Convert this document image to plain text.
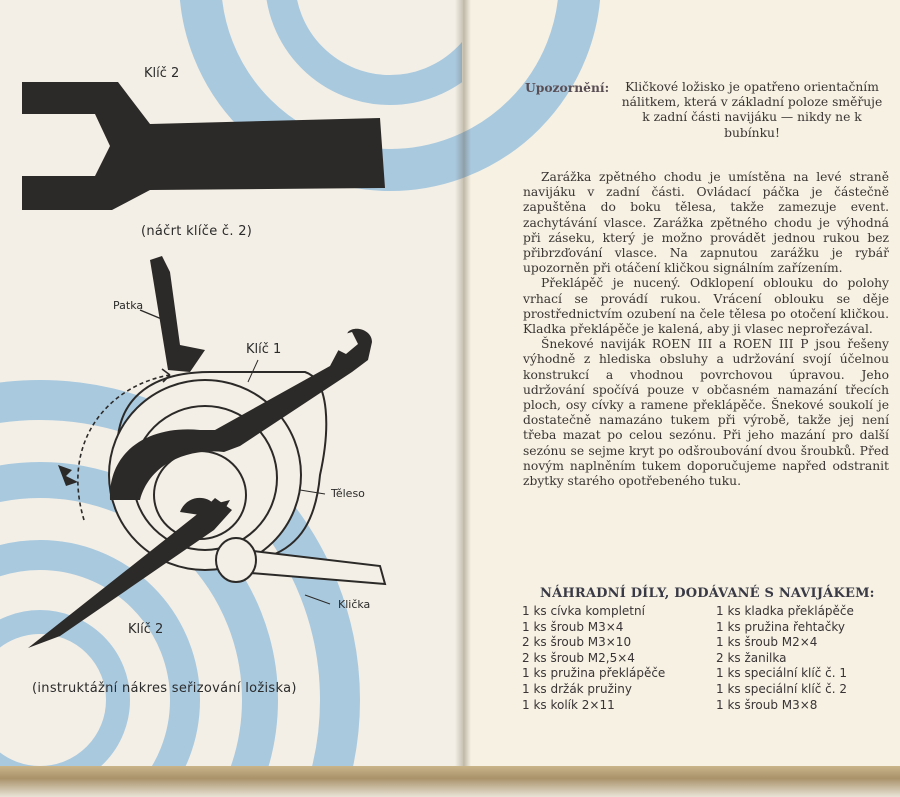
Klíč 2
(náčrt klíče č. 2)
Patka
Klíč 1
Těleso
Klička
Klíč 2
(instruktážní nákres seřizování ložiska)
Upozornění:	Kličkové ložisko je opatřeno orientačním nálitkem, která v základní poloze směřuje k zadní části navijáku — nikdy ne k bubínku!

Zarážka zpětného chodu je umístěna na levé straně navijáku v zadní části. Ovládací páčka je částečně zapuštěna do boku tělesa, takže zamezuje event. zachytávání vlasce. Zarážka zpětného chodu je výhodná při záseku, který je možno provádět jednou rukou bez přibrzďování vlasce. Na zapnutou zarážku je rybář upozorněn při otáčení kličkou signálním zařízením.

Překlápěč je nucený. Odklopení oblouku do polohy vrhací se provádí rukou. Vrácení oblouku se děje prostřednictvím ozubení na čele tělesa po otočení kličkou. Kladka překlápěče je kalená, aby ji vlasec neprořezával.

Šnekové naviják ROEN III a ROEN III P jsou řešeny výhodně z hlediska obsluhy a udržování svojí účelnou konstrukcí a vhodnou povrchovou úpravou. Jeho udržování spočívá pouze v občasném namazání třecích ploch, osy cívky a ramene překlápěče. Šnekové soukolí je dostatečně namazáno tukem při výrobě, takže jej není třeba mazat po celou sezónu. Při jeho mazání pro další sezónu se sejme kryt po odšroubování dvou šroubků. Před novým naplněním tukem doporučujeme napřed odstranit zbytky starého opotřebeného tuku.

NÁHRADNÍ DÍLY, DODÁVANÉ S NAVIJÁKEM:
1 ks cívka kompletní
1 ks šroub M3×4
2 ks šroub M3×10
2 ks šroub M2,5×4
1 ks pružina překlápěče
1 ks držák pružiny
1 ks kolík 2×11
1 ks kladka překlápěče
1 ks pružina řehtačky
1 ks šroub M2×4
2 ks žanilka
1 ks speciální klíč č. 1
1 ks speciální klíč č. 2
1 ks šroub M3×8
